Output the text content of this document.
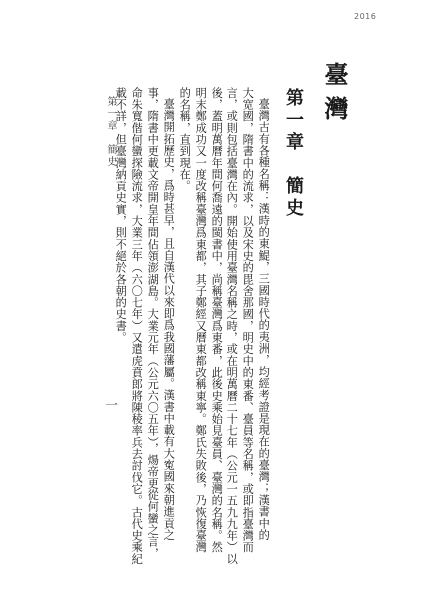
2016
臺灣
第一章　簡史
臺灣古有各種名稱：漢時的東鯷，三國時代的夷洲，均經考證是現在的臺灣；漢書中的
大宽國，隋書中的流求，以及宋史的毘舍那國，明史中的東番、臺員等名稱，或即指臺灣而
言，或則包括臺灣在內。開始使用臺灣名稱之時，或在明萬曆二十七年（公元一五九九年）以
後，蓋明萬曆年間何喬遠的閩書中，尚稱臺灣爲東番，此後史乘始見臺員、臺灣的名稱。然
明末鄭成功又一度改稱臺灣爲東都，其子鄭經又曆東都改稱東寧。鄭氏失敗後，乃恢復臺灣
的名稱，直到現在。
臺灣開拓歷史，爲時甚早，且自漢代以來即爲我國藩屬。漢書中載有大寃國來朝進貢之
事，隋書中更載文帝開皇年間佔領澎湖島。大業元年（公元六〇五年），煬帝更從何蠻之言，
命朱寬偕何蠻探險流求，大業三年（六〇七年）又遣虎賁郎將陳稜率兵去討伐它。古代史乘紀
載不詳，但臺灣納貢史實，則不絕於各朝的史書。
第一章　簡史
一
